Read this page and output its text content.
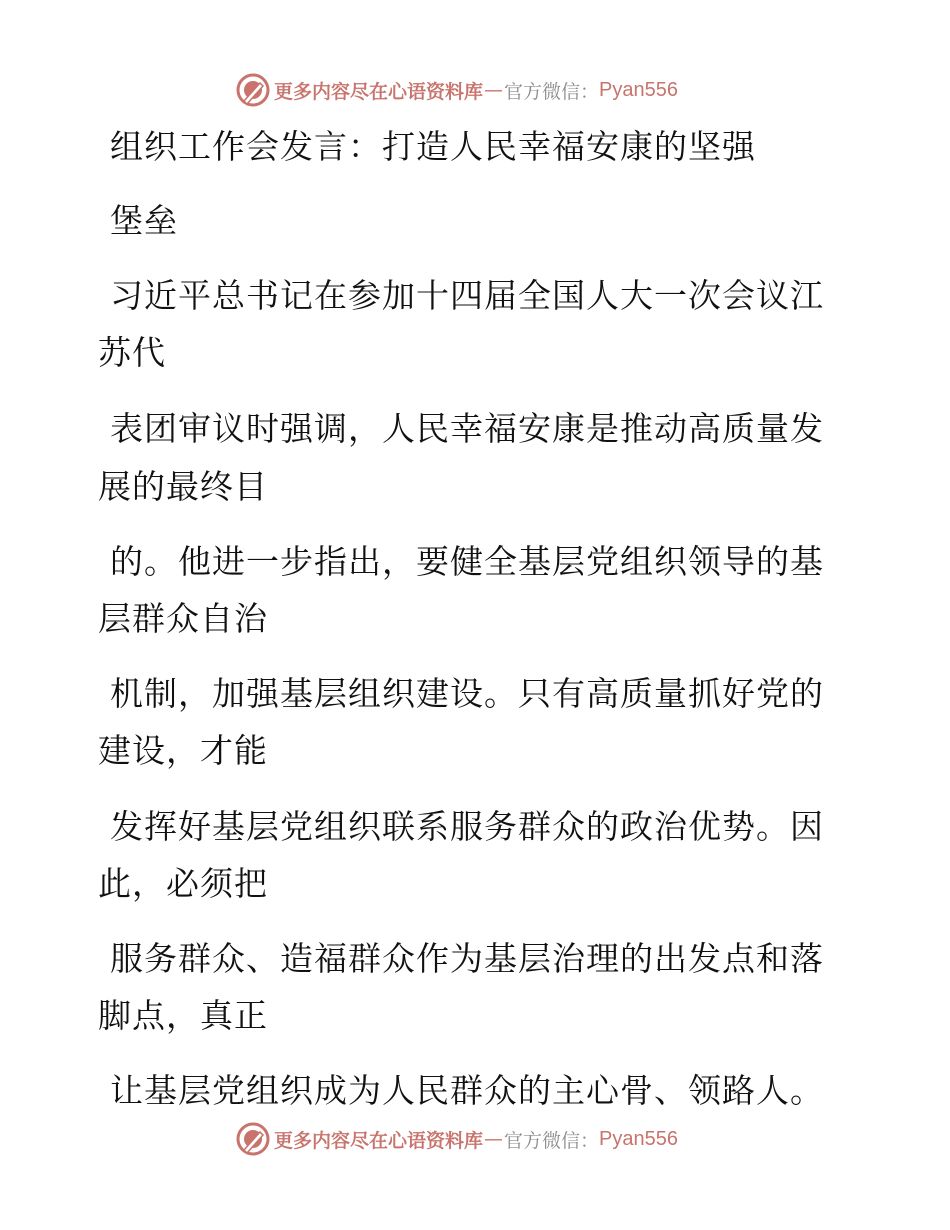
更多内容尽在心语资料库 — 官方微信： Pyan556
组织工作会发言：打造人民幸福安康的坚强
堡垒
习近平总书记在参加十四届全国人大一次会议江
苏代
表团审议时强调，人民幸福安康是推动高质量发
展的最终目
的。他进一步指出，要健全基层党组织领导的基
层群众自治
机制，加强基层组织建设。只有高质量抓好党的
建设，才能
发挥好基层党组织联系服务群众的政治优势。因
此，必须把
服务群众、造福群众作为基层治理的出发点和落
脚点，真正
让基层党组织成为人民群众的主心骨、领路人。
更多内容尽在心语资料库 — 官方微信： Pyan556
